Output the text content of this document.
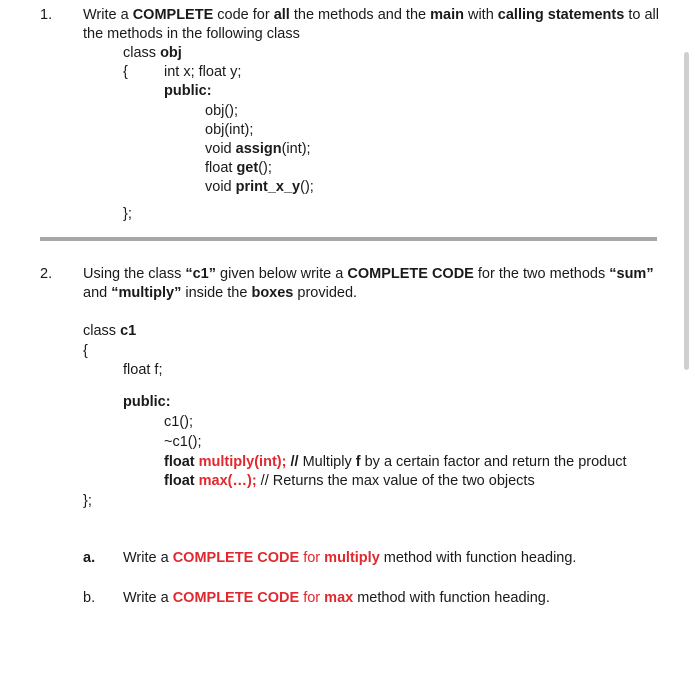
1. Write a COMPLETE code for all the methods and the main with calling statements to all
the methods in the following class
class obj
{ int x; float y;
public:
obj();
obj(int);
void assign(int);
float get();
void print_x_y();
};
2. Using the class “c1” given below write a COMPLETE CODE for the two methods “sum”
and “multiply” inside the boxes provided.
class c1
{
float f;
public:
c1();
~c1();
float multiply(int); // Multiply f by a certain factor and return the product
float max(…); // Returns the max value of the two objects
};
a. Write a COMPLETE CODE for multiply method with function heading.
b. Write a COMPLETE CODE for max method with function heading.
